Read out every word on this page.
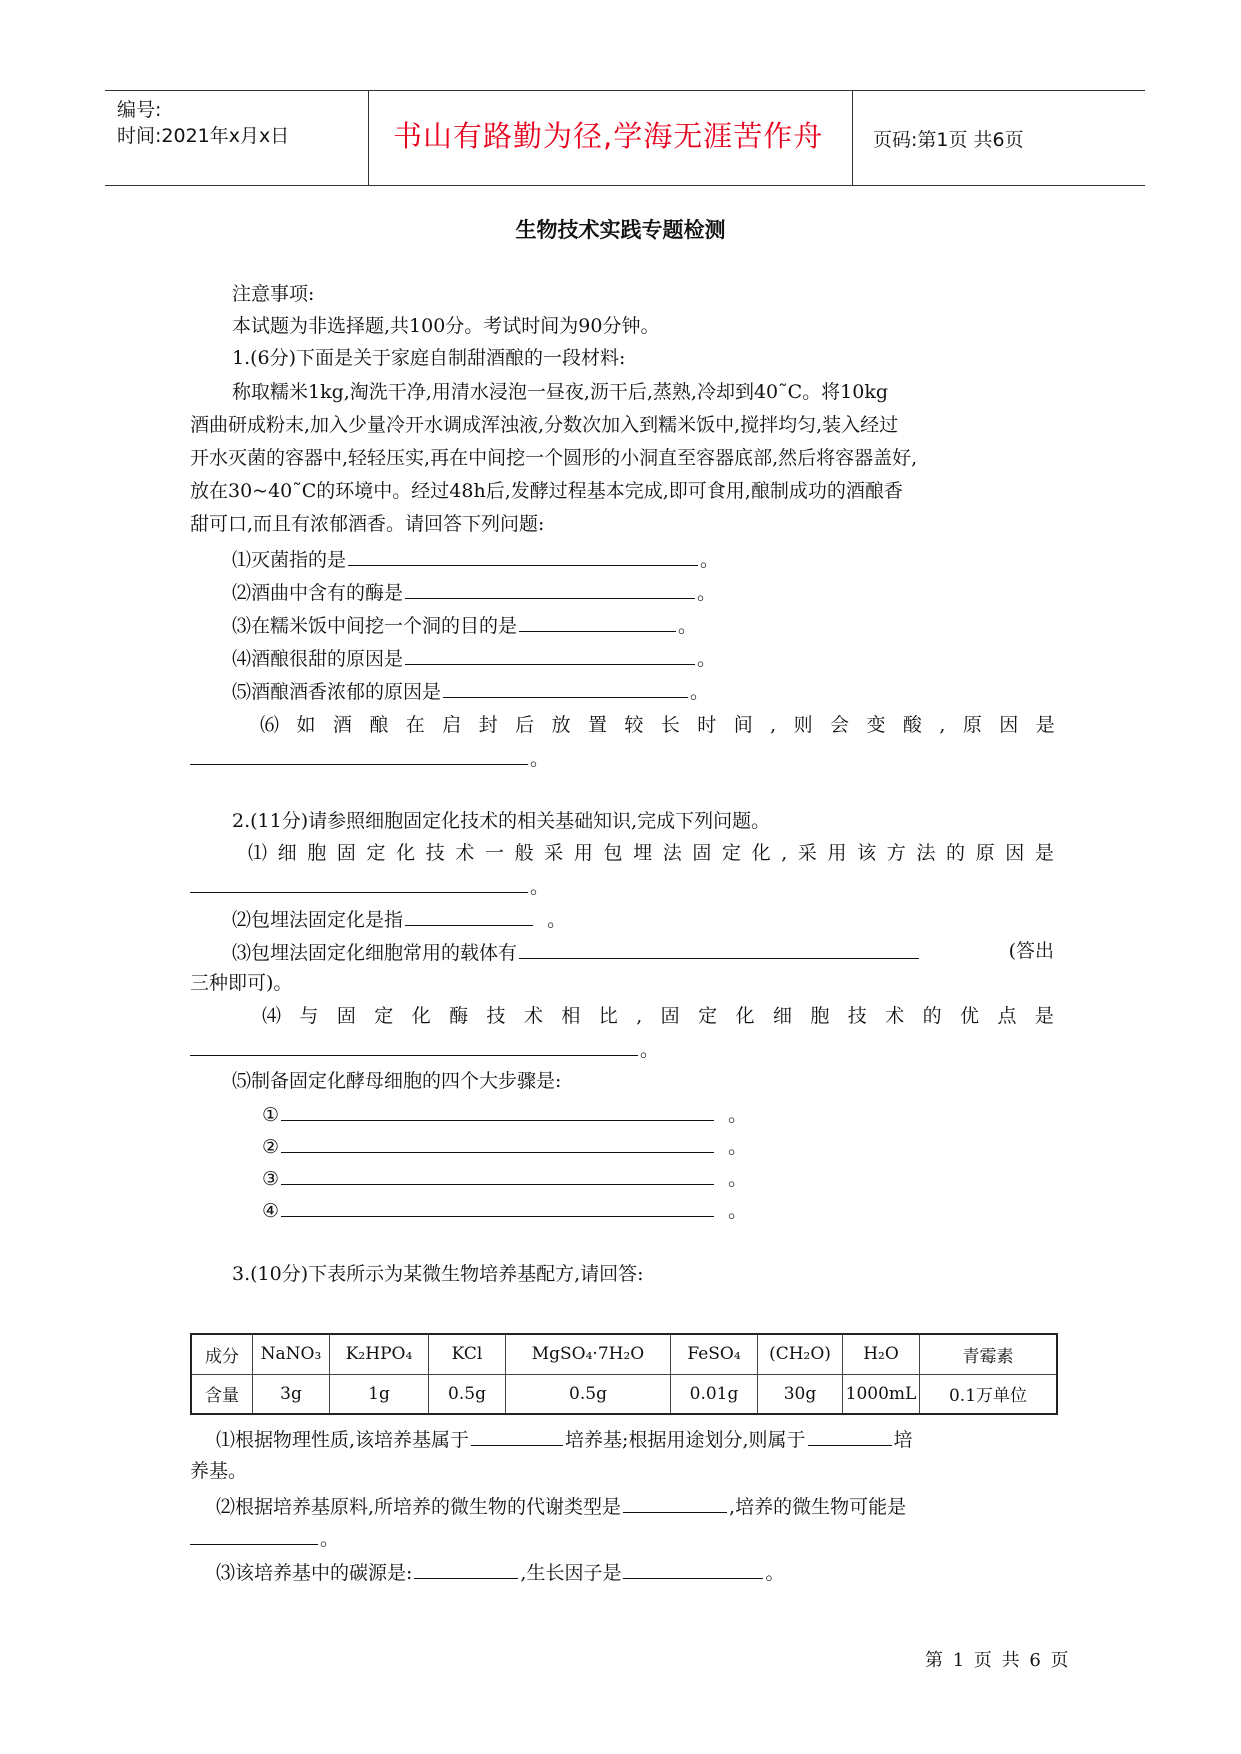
编号:
时间:2021年x月x日	页码:第1页 共6页
书山有路勤为径,学海无涯苦作舟
生物技术实践专题检测
注意事项:
本试题为非选择题,共100分。考试时间为90分钟。
1.(6分)下面是关于家庭自制甜酒酿的一段材料:
称取糯米1kg,淘洗干净,用清水浸泡一昼夜,沥干后,蒸熟,冷却到40˜C。将10kg
酒曲研成粉末,加入少量冷开水调成浑浊液,分数次加入到糯米饭中,搅拌均匀,装入经过
开水灭菌的容器中,轻轻压实,再在中间挖一个圆形的小洞直至容器底部,然后将容器盖好,
放在30~40˜C的环境中。经过48h后,发酵过程基本完成,即可食用,酿制成功的酒酿香
甜可口,而且有浓郁酒香。请回答下列问题:
⑴灭菌指的是	。
⑵酒曲中含有的酶是	。
⑶在糯米饭中间挖一个洞的目的是	。
⑷酒酿很甜的原因是	。
⑸酒酿酒香浓郁的原因是	。
⑹ 如 酒 酿 在 启 封 后 放 置 较 长 时 间 , 则 会 变 酸 , 原 因 是
。
2.(11分)请参照细胞固定化技术的相关基础知识,完成下列问题。
⑴ 细 胞 固 定 化 技 术 一 般 采 用 包 埋 法 固 定 化 , 采 用 该 方 法 的 原 因 是
。
⑵包埋法固定化是指	。
⑶包埋法固定化细胞常用的载体有	(答出
三种即可)。
⑷ 与 固 定 化 酶 技 术 相 比 , 固 定 化 细 胞 技 术 的 优 点 是
。
⑸制备固定化酵母细胞的四个大步骤是:
①	。
②	。
③	。
④	。
3.(10分)下表所示为某微生物培养基配方,请回答:
成分	NaNO₃	K₂HPO₄	KCl	MgSO₄·7H₂O	FeSO₄	(CH₂O)	H₂O	青霉素
含量	3g	1g	0.5g	0.5g	0.01g	30g	1000mL	0.1万单位
⑴根据物理性质,该培养基属于	培养基;根据用途划分,则属于	培
养基。
⑵根据培养基原料,所培养的微生物的代谢类型是	,培养的微生物可能是
。
⑶该培养基中的碳源是:	,生长因子是	。
第 1 页 共 6 页
